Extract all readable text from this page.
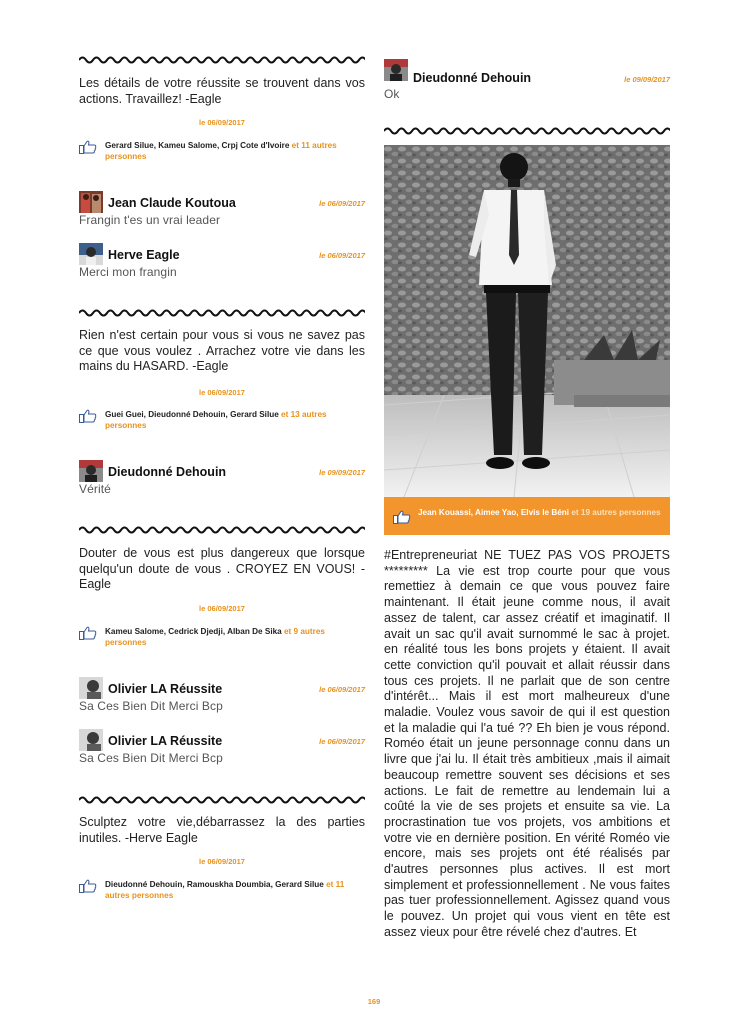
Les détails de votre réussite se trouvent dans vos actions. Travaillez! -Eagle
le 06/09/2017
Gerard Silue, Kameu Salome, Crpj Cote d'Ivoire et 11 autres personnes
Jean Claude Koutoua	le 06/09/2017
Frangin t'es un vrai leader
Herve Eagle	le 06/09/2017
Merci mon frangin
Rien n'est certain pour vous si vous ne savez pas ce que vous voulez . Arrachez votre vie dans les mains du HASARD. -Eagle
le 06/09/2017
Guei Guei, Dieudonné Dehouin, Gerard Silue et 13 autres personnes
Dieudonné Dehouin	le 09/09/2017
Vérité
Douter de vous est plus dangereux que lorsque quelqu'un doute de vous . CROYEZ EN VOUS! -Eagle
le 06/09/2017
Kameu Salome, Cedrick Djedji, Alban De Sika et 9 autres personnes
Olivier LA Réussite	le 06/09/2017
Sa Ces Bien Dit Merci Bcp
Olivier LA Réussite	le 06/09/2017
Sa Ces Bien Dit Merci Bcp
Sculptez votre vie,débarrassez la des parties inutiles. -Herve Eagle
le 06/09/2017
Dieudonné Dehouin, Ramouskha Doumbia, Gerard Silue et 11 autres personnes
Dieudonné Dehouin	le 09/09/2017
Ok
Jean Kouassi, Aimee Yao, Elvis le Béni et 19 autres personnes
#Entrepreneuriat NE TUEZ PAS VOS PROJETS ********* La vie est trop courte pour que vous remettiez à demain ce que vous pouvez faire maintenant. Il était jeune comme nous, il avait assez de talent, car assez créatif et imaginatif. Il avait un sac qu'il avait surnommé le sac à projet. en réalité tous les bons projets y étaient. Il avait cette conviction qu'il pouvait et allait réussir dans tous ces projets. Il ne parlait que de son centre d'intérêt... Mais il est mort malheureux d'une maladie. Voulez vous savoir de qui il est question et la maladie qui l'a tué ?? Eh bien je vous répond. Roméo était un jeune personnage connu dans un livre que j'ai lu. Il était très ambitieux ,mais il aimait beaucoup remettre souvent ses décisions et ses actions. Le fait de remettre au lendemain lui a coûté la vie de ses projets et ensuite sa vie. La procrastination tue vos projets, vos ambitions et votre vie en dernière position. En vérité Roméo vie encore, mais ses projets ont été réalisés par d'autres personnes plus actives. Il est mort simplement et professionnellement . Ne vous faites pas tuer professionnellement. Agissez quand vous le pouvez. Un projet qui vous vient en tête est assez vieux pour être révelé chez d'autres. Et
169
